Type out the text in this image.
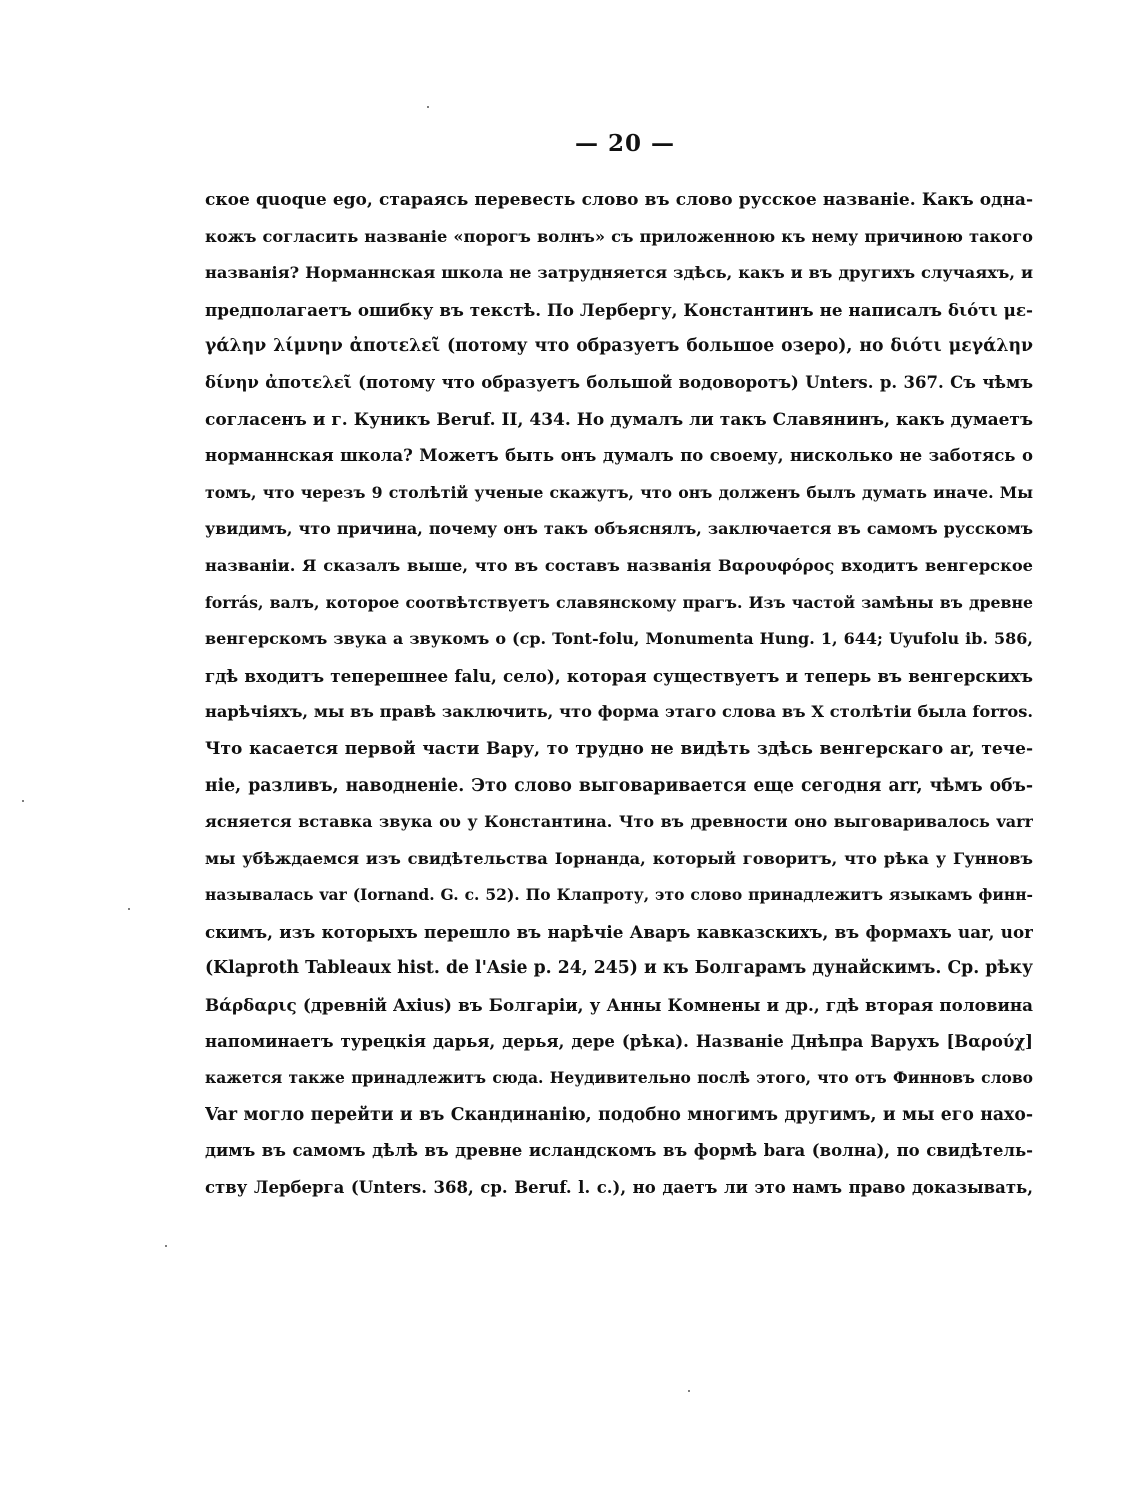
— 20 —
ское quoque ego, стараясь перевесть слово въ слово русское названіе. Какъ одна-
кожъ согласить названіе «порогъ волнъ» съ приложенною къ нему причиною такого
названія? Норманнская школа не затрудняется здѣсь, какъ и въ другихъ случаяхъ, и
предполагаетъ ошибку въ текстѣ. По Лербергу, Константинъ не написалъ διότι με-
γάλην λίμνην ἀποτελεῖ (потому что образуетъ большое озеро), но διότι μεγάλην
δίνην ἀποτελεῖ (потому что образуетъ большой водоворотъ) Unters. p. 367. Съ чѣмъ
согласенъ и г. Куникъ Beruf. II, 434. Но думалъ ли такъ Славянинъ, какъ думаетъ
норманнская школа? Можетъ быть онъ думалъ по своему, нисколько не заботясь о
томъ, что черезъ 9 столѣтій ученые скажутъ, что онъ долженъ былъ думать иначе. Мы
увидимъ, что причина, почему онъ такъ объяснялъ, заключается въ самомъ русскомъ
названіи. Я сказалъ выше, что въ составъ названія Βαρουφόρος входитъ венгерское
forrás, валъ, которое соотвѣтствуетъ славянскому прагъ. Изъ частой замѣны въ древне
венгерскомъ звука a звукомъ o (ср. Tont-folu, Monumenta Hung. 1, 644; Uyufolu ib. 586,
гдѣ входитъ теперешнее falu, село), которая существуетъ и теперь въ венгерскихъ
нарѣчіяхъ, мы въ правѣ заключить, что форма этаго слова въ X столѣтіи была forros.
Что касается первой части Вару, то трудно не видѣть здѣсь венгерскаго ar, тече-
ніе, разливъ, наводненіе. Это слово выговаривается еще сегодня arr, чѣмъ объ-
ясняется вставка звука ου у Константина. Что въ древности оно выговаривалось varr
мы убѣждаемся изъ свидѣтельства Іорнанда, который говоритъ, что рѣка у Гунновъ
называлась var (Iornand. G. c. 52). По Клапроту, это слово принадлежитъ языкамъ финн-
скимъ, изъ которыхъ перешло въ нарѣчіе Аваръ кавказскихъ, въ формахъ uar, uor
(Klaproth Tableaux hist. de l'Asie p. 24, 245) и къ Болгарамъ дунайскимъ. Ср. рѣку
Βάρδαρις (древній Axius) въ Болгаріи, у Анны Комнены и др., гдѣ вторая половина
напоминаетъ турецкія дарья, дерья, дере (рѣка). Названіе Днѣпра Варухъ [Βαρούχ]
кажется также принадлежитъ сюда. Неудивительно послѣ этого, что отъ Финновъ слово
Var могло перейти и въ Скандинанію, подобно многимъ другимъ, и мы его нахо-
димъ въ самомъ дѣлѣ въ древне исландскомъ въ формѣ bara (волна), по свидѣтель-
ству Лерберга (Unters. 368, ср. Beruf. l. c.), но даетъ ли это намъ право доказывать,
